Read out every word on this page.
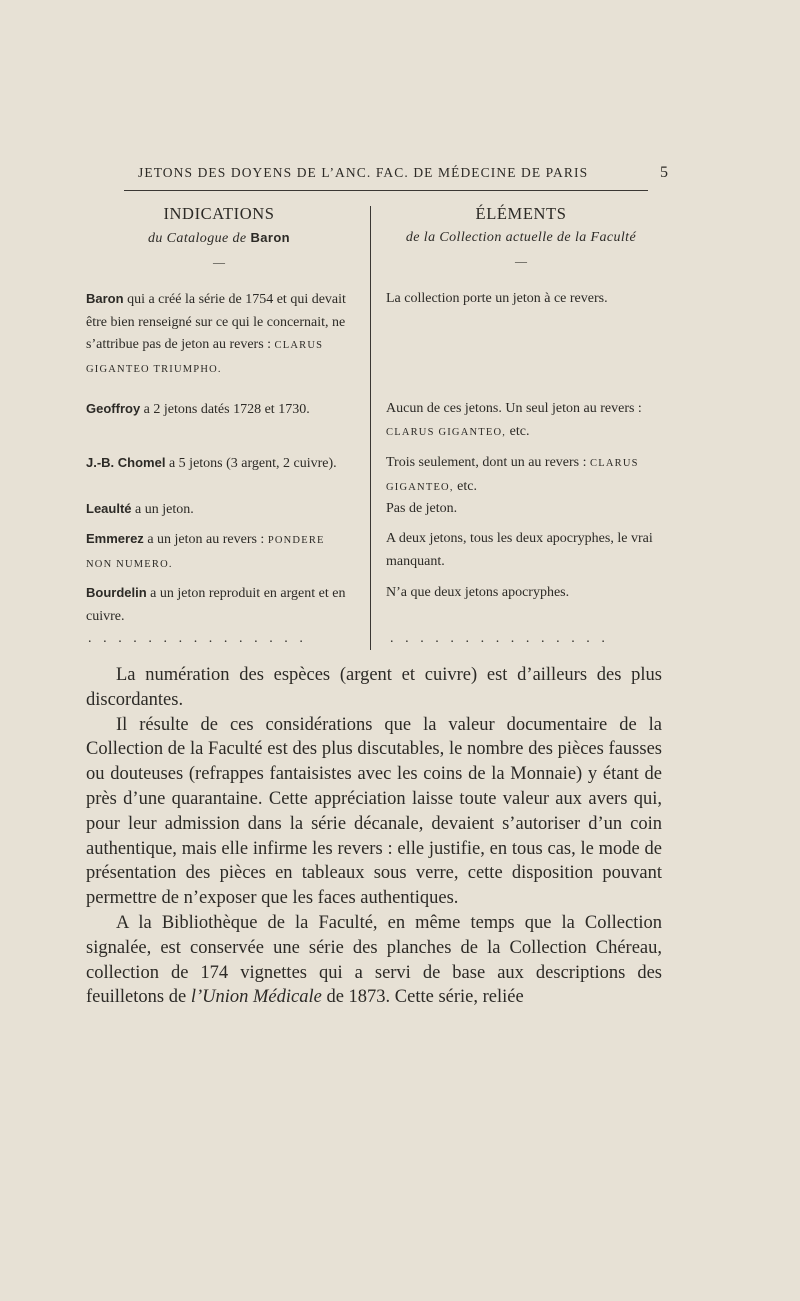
JETONS DES DOYENS DE L’ANC. FAC. DE MÉDECINE DE PARIS	5
INDICATIONS
du Catalogue de Baron
—
Baron qui a créé la série de 1754 et qui devait être bien renseigné sur ce qui le concernait, ne s’attribue pas de jeton au revers : CLARUS GIGANTEO TRIUMPHO.
Geoffroy a 2 jetons datés 1728 et 1730.
J.-B. Chomel a 5 jetons (3 argent, 2 cuivre).
Leaulté a un jeton.
Emmerez a un jeton au revers : PONDERE NON NUMERO.
Bourdelin a un jeton reproduit en argent et en cuivre.
...............
ÉLÉMENTS
de la Collection actuelle de la Faculté
—
La collection porte un jeton à ce revers.
Aucun de ces jetons. Un seul jeton au revers : CLARUS GIGANTEO, etc.
Trois seulement, dont un au revers : CLARUS GIGANTEO, etc.
Pas de jeton.
A deux jetons, tous les deux apocryphes, le vrai manquant.
N’a que deux jetons apocryphes.
...............

La numération des espèces (argent et cuivre) est d’ailleurs des plus discordantes.

Il résulte de ces considérations que la valeur documentaire de la Collection de la Faculté est des plus discutables, le nombre des pièces fausses ou douteuses (refrappes fantaisistes avec les coins de la Monnaie) y étant de près d’une quarantaine. Cette appréciation laisse toute valeur aux avers qui, pour leur admission dans la série décanale, devaient s’autoriser d’un coin authentique, mais elle infirme les revers : elle justifie, en tous cas, le mode de présentation des pièces en tableaux sous verre, cette disposition pouvant permettre de n’exposer que les faces authentiques.

A la Bibliothèque de la Faculté, en même temps que la Collection signalée, est conservée une série des planches de la Collection Chéreau, collection de 174 vignettes qui a servi de base aux descriptions des feuilletons de l’Union Médicale de 1873. Cette série, reliée
